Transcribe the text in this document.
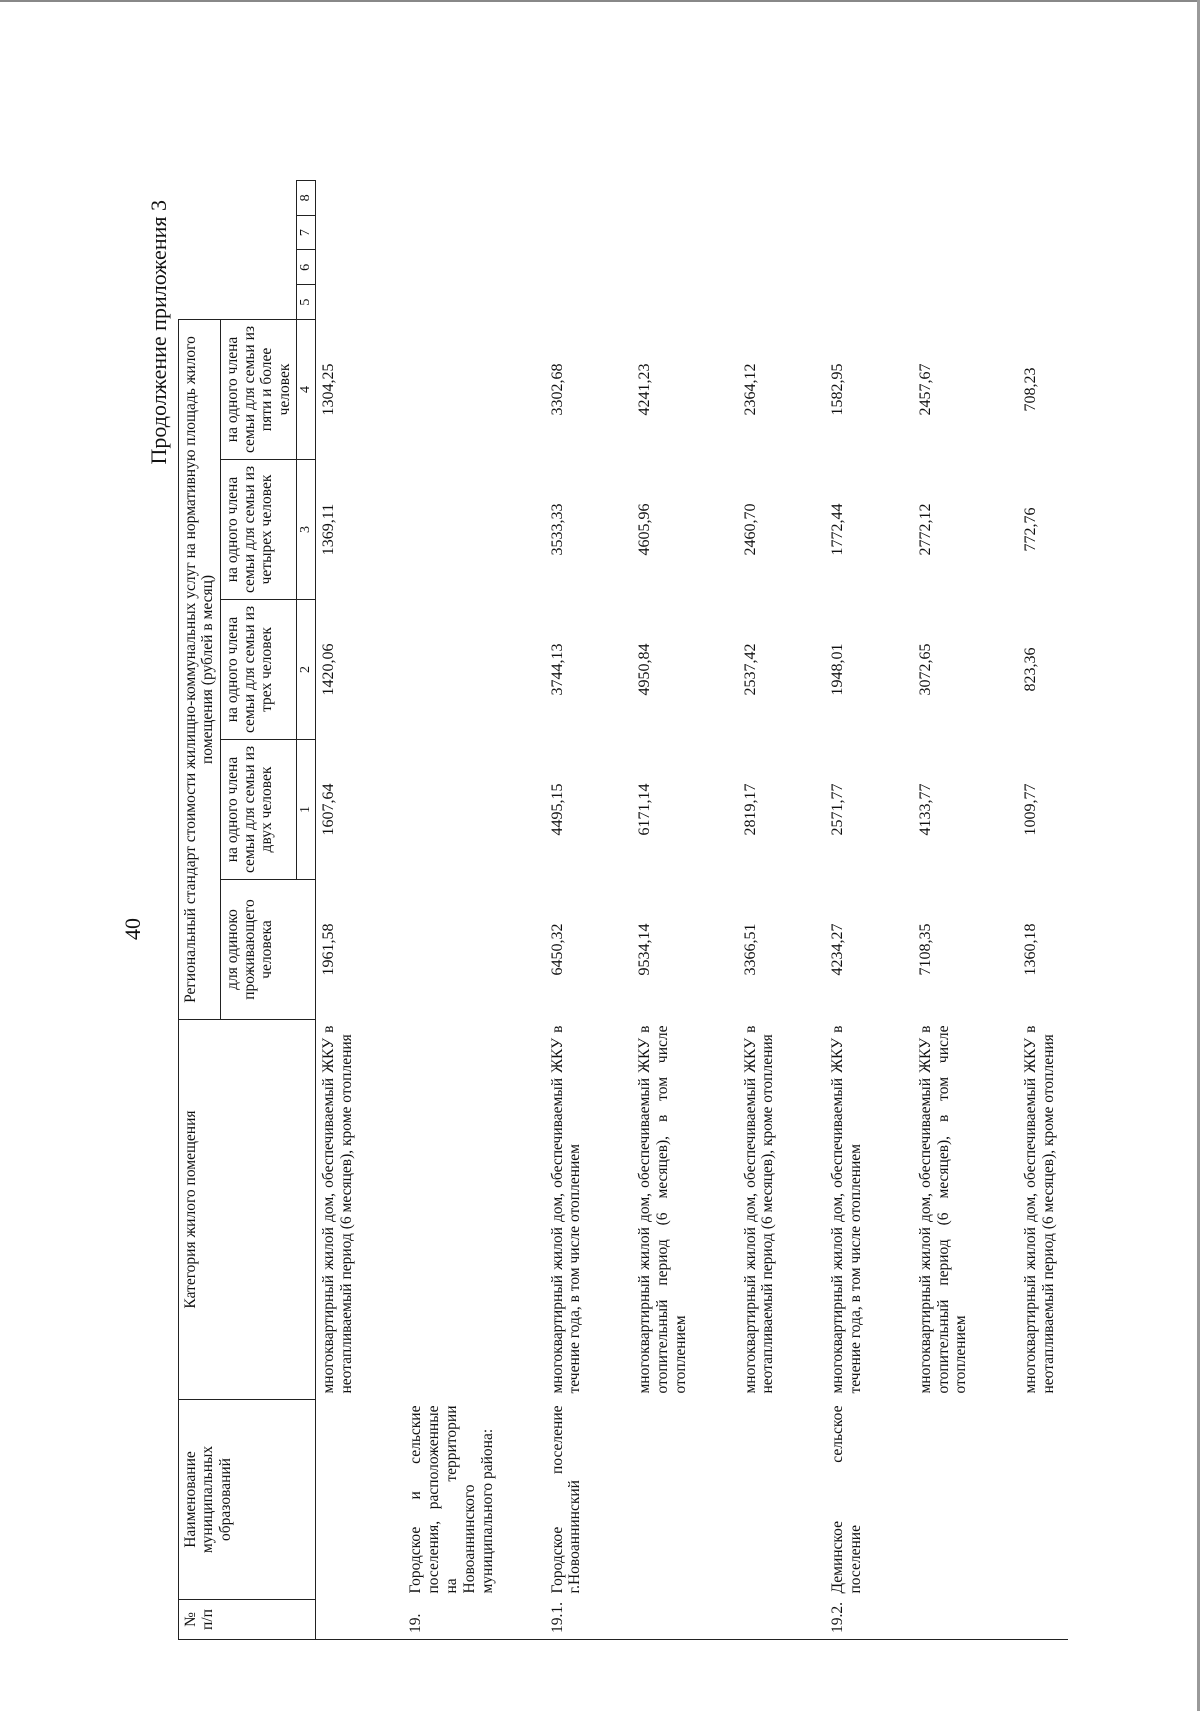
40
Продолжение приложения 3
№ п/п	Наименование муниципальных образований	Категория жилого помещения	Региональный стандарт стоимости жилищно-коммунальных услуг на нормативную площадь жилого помещения (рублей в месяц)								
			для одиноко проживающего человека	на одного члена семьи для семьи из двух человек	на одного члена семьи для семьи из трех человек	на одного члена семьи для семьи из четырех человек	на одного члена семьи для семьи из пяти и более человек				
				1	2	3	4	5	6	7	8
		многоквартирный жилой дом, обеспечиваемый ЖКУ в неотапливаемый период (6 месяцев), кроме отопления	1961,58	1607,64	1420,06	1369,11	1304,25				

19.	Городское и сельские поселения, расположенные на территории Новоаннинского муниципального района:										

19.1.	Городское поселение г.Новоаннинский	многоквартирный жилой дом, обеспечиваемый ЖКУ в течение года, в том числе отоплением	6450,32	4495,15	3744,13	3533,33	3302,68				

		многоквартирный жилой дом, обеспечиваемый ЖКУ в отопительный период (6 месяцев), в том числе отоплением	9534,14	6171,14	4950,84	4605,96	4241,23				

		многоквартирный жилой дом, обеспечиваемый ЖКУ в неотапливаемый период (6 месяцев), кроме отопления	3366,51	2819,17	2537,42	2460,70	2364,12				

19.2.	Деминское сельское поселение	многоквартирный жилой дом, обеспечиваемый ЖКУ в течение года, в том числе отоплением	4234,27	2571,77	1948,01	1772,44	1582,95				

		многоквартирный жилой дом, обеспечиваемый ЖКУ в отопительный период (6 месяцев), в том числе отоплением	7108,35	4133,77	3072,65	2772,12	2457,67				

		многоквартирный жилой дом, обеспечиваемый ЖКУ в неотапливаемый период (6 месяцев), кроме отопления	1360,18	1009,77	823,36	772,76	708,23				
